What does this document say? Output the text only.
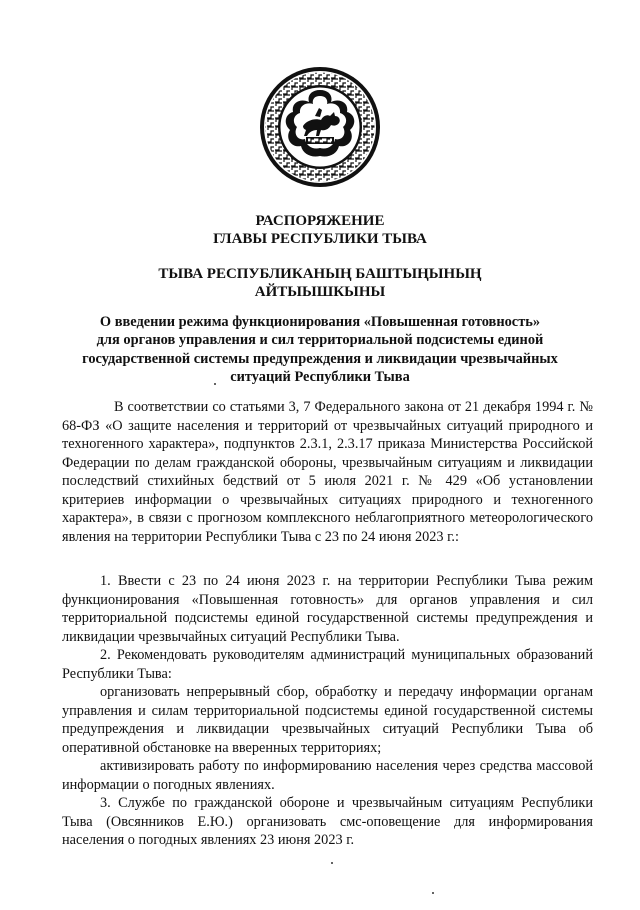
РАСПОРЯЖЕНИЕ
ГЛАВЫ РЕСПУБЛИКИ ТЫВА
ТЫВА РЕСПУБЛИКАНЫҢ БАШТЫҢЫНЫҢ
АЙТЫЫШКЫНЫ
О введении режима функционирования «Повышенная готовность»
для органов управления и сил территориальной подсистемы единой
государственной системы предупреждения и ликвидации чрезвычайных
ситуаций Республики Тыва

В соответствии со статьями 3, 7 Федерального закона от 21 декабря 1994 г. № 68-ФЗ «О защите населения и территорий от чрезвычайных ситуаций природного и техногенного характера», подпунктов 2.3.1, 2.3.17 приказа Министерства Российской Федерации по делам гражданской обороны, чрезвычайным ситуациям и ликвидации последствий стихийных бедствий от 5 июля 2021 г. № 429 «Об установлении критериев информации о чрезвычайных ситуациях природного и техногенного характера», в связи с прогнозом комплексного неблагоприятного метеорологического явления на территории Республики Тыва с 23 по 24 июня 2023 г.:

1. Ввести с 23 по 24 июня 2023 г. на территории Республики Тыва режим функционирования «Повышенная готовность» для органов управления и сил территориальной подсистемы единой государственной системы предупреждения и ликвидации чрезвычайных ситуаций Республики Тыва.

2. Рекомендовать руководителям администраций муниципальных образований Республики Тыва:

организовать непрерывный сбор, обработку и передачу информации органам управления и силам территориальной подсистемы единой государственной системы предупреждения и ликвидации чрезвычайных ситуаций Республики Тыва об оперативной обстановке на вверенных территориях;

активизировать работу по информированию населения через средства массовой информации о погодных явлениях.

3. Службе по гражданской обороне и чрезвычайным ситуациям Республики Тыва (Овсянников Е.Ю.) организовать смс-оповещение для информирования населения о погодных явлениях 23 июня 2023 г.
